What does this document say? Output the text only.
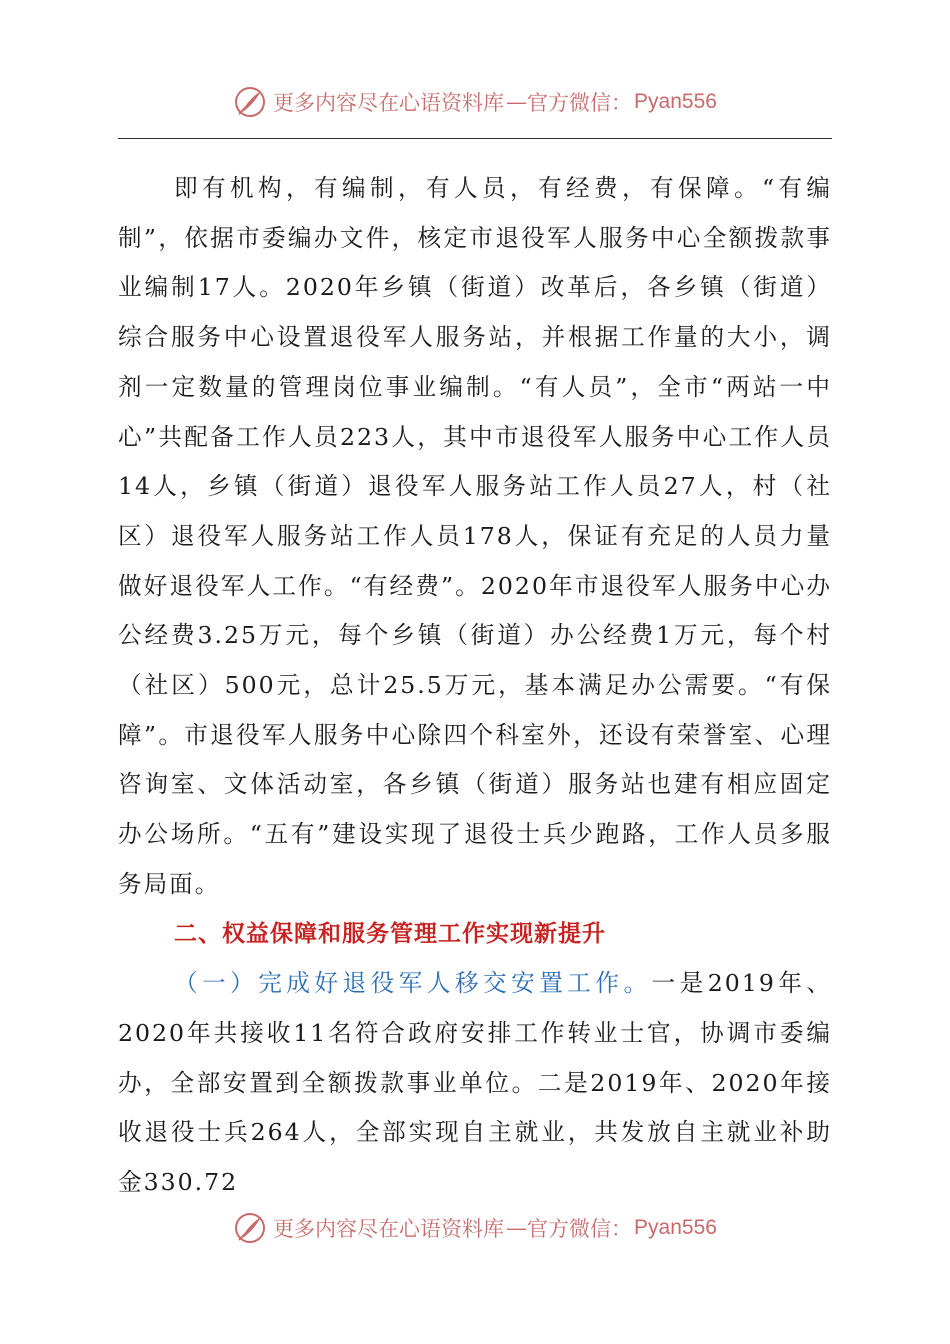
更多内容尽在心语资料库 — 官方微信： Pyan556

即有机构，有编制，有人员，有经费，有保障。“有编制”，依据市委编办文件，核定市退役军人服务中心全额拨款事业编制17人。2020年乡镇（街道）改革后，各乡镇（街道）综合服务中心设置退役军人服务站，并根据工作量的大小，调剂一定数量的管理岗位事业编制。“有人员”，全市“两站一中心”共配备工作人员223人，其中市退役军人服务中心工作人员14人，乡镇（街道）退役军人服务站工作人员27人，村（社区）退役军人服务站工作人员178人，保证有充足的人员力量做好退役军人工作。“有经费”。2020年市退役军人服务中心办公经费3.25万元，每个乡镇（街道）办公经费1万元，每个村（社区）500元，总计25.5万元，基本满足办公需要。“有保障”。市退役军人服务中心除四个科室外，还设有荣誉室、心理咨询室、文体活动室，各乡镇（街道）服务站也建有相应固定办公场所。“五有”建设实现了退役士兵少跑路，工作人员多服务局面。

二、权益保障和服务管理工作实现新提升

（一）完成好退役军人移交安置工作。一是2019年、2020年共接收11名符合政府安排工作转业士官，协调市委编办，全部安置到全额拨款事业单位。二是2019年、2020年接收退役士兵264人，全部实现自主就业，共发放自主就业补助金330.72

更多内容尽在心语资料库 — 官方微信： Pyan556
